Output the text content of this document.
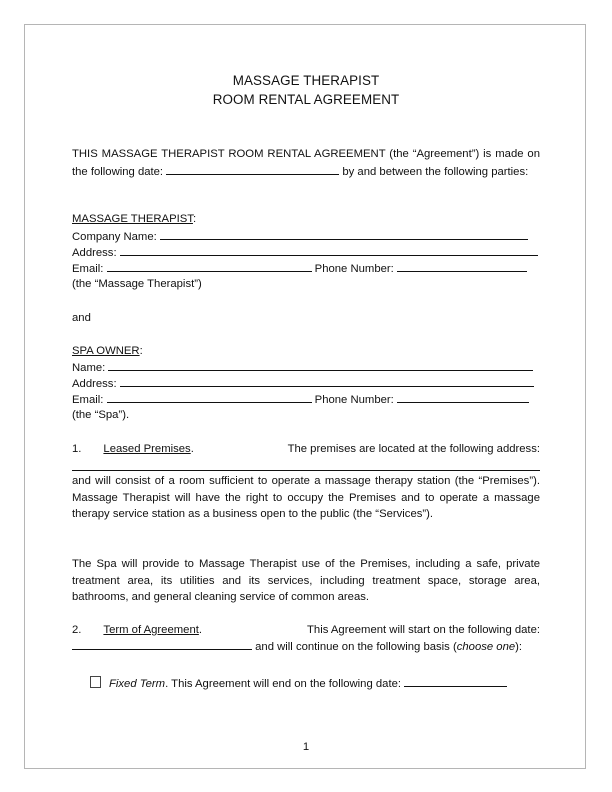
MASSAGE THERAPIST
ROOM RENTAL AGREEMENT
THIS MASSAGE THERAPIST ROOM RENTAL AGREEMENT (the “Agreement”) is made on the following date:	by and between the following parties:
MASSAGE THERAPIST:
Company Name:
Address:
Email:	Phone Number:
(the “Massage Therapist”)
and
SPA OWNER:
Name:
Address:
Email:	Phone Number:
(the “Spa”).
1. Leased Premises.	The premises are located at the following address:
and will consist of a room sufficient to operate a massage therapy station (the “Premises”). Massage Therapist will have the right to occupy the Premises and to operate a massage therapy service station as a business open to the public (the “Services”).
The Spa will provide to Massage Therapist use of the Premises, including a safe, private treatment area, its utilities and its services, including treatment space, storage area, bathrooms, and general cleaning service of common areas.
2. Term of Agreement.	This Agreement will start on the following date:
and will continue on the following basis (choose one):
Fixed Term. This Agreement will end on the following date:
1
